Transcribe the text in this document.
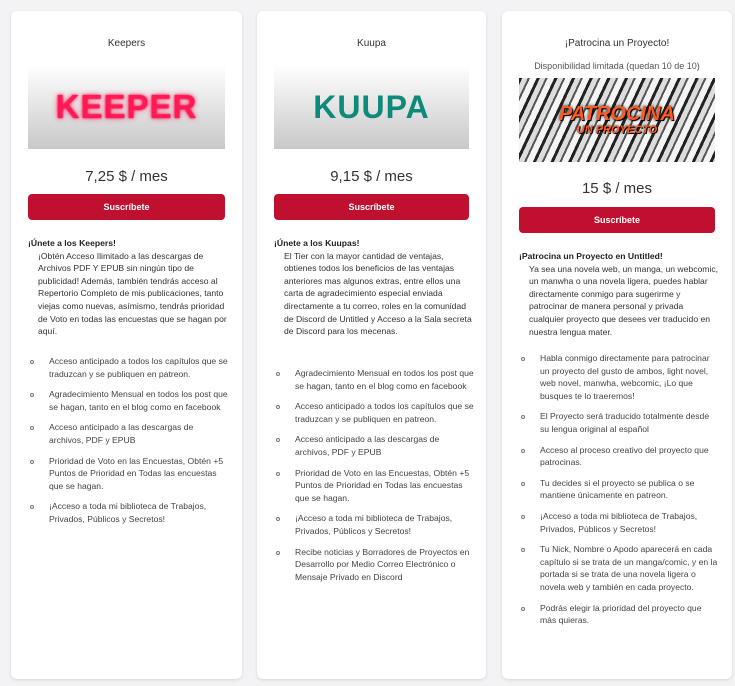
Keepers
KEEPER
7,25 $ / mes
Suscríbete
¡Únete a los Keepers!
¡Obtén Acceso Ilimitado a las descargas de Archivos PDF Y EPUB sin ningún tipo de publicidad! Además, también tendrás acceso al Repertorio Completo de mis publicaciones, tanto viejas como nuevas, asímismo, tendrás prioridad de Voto en todas las encuestas que se hagan por aquí.
Acceso anticipado a todos los capítulos que se traduzcan y se publiquen en patreon.
Agradecimiento Mensual en todos los post que se hagan, tanto en el blog como en facebook
Acceso anticipado a las descargas de archivos, PDF y EPUB
Prioridad de Voto en las Encuestas, Obtén +5 Puntos de Prioridad en Todas las encuestas que se hagan.
¡Acceso a toda mi biblioteca de Trabajos, Privados, Públicos y Secretos!
Kuupa
KUUPA
9,15 $ / mes
Suscríbete
¡Únete a los Kuupas!
El Tier con la mayor cantidad de ventajas, obtienes todos los beneficios de las ventajas anteriores mas algunos extras, entre ellos una carta de agradecimiento especial enviada directamente a tu correo, roles en la comunidad de Discord de Untitled y Acceso a la Sala secreta de Discord para los mecenas.
Agradecimiento Mensual en todos los post que se hagan, tanto en el blog como en facebook
Acceso anticipado a todos los capítulos que se traduzcan y se publiquen en patreon.
Acceso anticipado a las descargas de archivos, PDF y EPUB
Prioridad de Voto en las Encuestas, Obtén +5 Puntos de Prioridad en Todas las encuestas que se hagan.
¡Acceso a toda mi biblioteca de Trabajos, Privados, Públicos y Secretos!
Recibe noticias y Borradores de Proyectos en Desarrollo por Medio Correo Electrónico o Mensaje Privado en Discord
¡Patrocina un Proyecto!
Disponibilidad limitada (quedan 10 de 10)
PATROCINA
UN PROYECTO
15 $ / mes
Suscríbete
¡Patrocina un Proyecto en Untitled!
Ya sea una novela web, un manga, un webcomic, un manwha o una novela ligera, puedes hablar directamente conmigo para sugerirme y patrocinar de manera personal y privada cualquier proyecto que desees ver traducido en nuestra lengua mater.
Habla conmigo directamente para patrocinar un proyecto del gusto de ambos, light novel, web novel, manwha, webcomic, ¡Lo que busques te lo traeremos!
El Proyecto será traducido totalmente desde su lengua original al español
Acceso al proceso creativo del proyecto que patrocinas.
Tu decides si el proyecto se publica o se mantiene únicamente en patreon.
¡Acceso a toda mi biblioteca de Trabajos, Privados, Públicos y Secretos!
Tu Nick, Nombre o Apodo aparecerá en cada capítulo si se trata de un manga/comic, y en la portada si se trata de una novela ligera o novela web y también en cada proyecto.
Podrás elegir la prioridad del proyecto que más quieras.
